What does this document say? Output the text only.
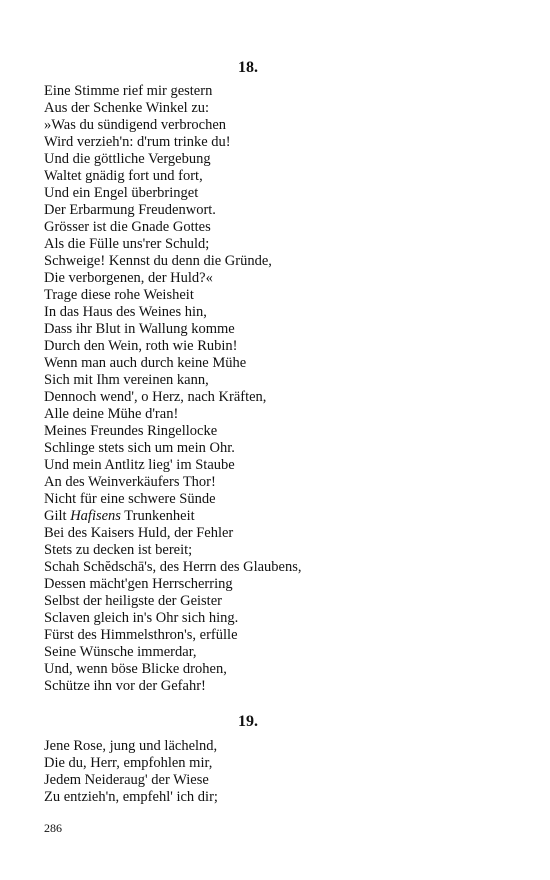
18.

Eine Stimme rief mir gestern

Aus der Schenke Winkel zu:

»Was du sündigend verbrochen

Wird verzieh'n: d'rum trinke du!

Und die göttliche Vergebung

Waltet gnädig fort und fort,

Und ein Engel überbringet

Der Erbarmung Freudenwort.

Grösser ist die Gnade Gottes

Als die Fülle uns'rer Schuld;

Schweige! Kennst du denn die Gründe,

Die verborgenen, der Huld?«

Trage diese rohe Weisheit

In das Haus des Weines hin,

Dass ihr Blut in Wallung komme

Durch den Wein, roth wie Rubin!

Wenn man auch durch keine Mühe

Sich mit Ihm vereinen kann,

Dennoch wend', o Herz, nach Kräften,

Alle deine Mühe d'ran!

Meines Freundes Ringellocke

Schlinge stets sich um mein Ohr.

Und mein Antlitz lieg' im Staube

An des Weinverkäufers Thor!

Nicht für eine schwere Sünde

Gilt Hafisens Trunkenheit

Bei des Kaisers Huld, der Fehler

Stets zu decken ist bereit;

Schah Schĕdschā's, des Herrn des Glaubens,

Dessen mächt'gen Herrscherring

Selbst der heiligste der Geister

Sclaven gleich in's Ohr sich hing.

Fürst des Himmelsthron's, erfülle

Seine Wünsche immerdar,

Und, wenn böse Blicke drohen,

Schütze ihn vor der Gefahr!

19.

Jene Rose, jung und lächelnd,

Die du, Herr, empfohlen mir,

Jedem Neideraug' der Wiese

Zu entzieh'n, empfehl' ich dir;

286
